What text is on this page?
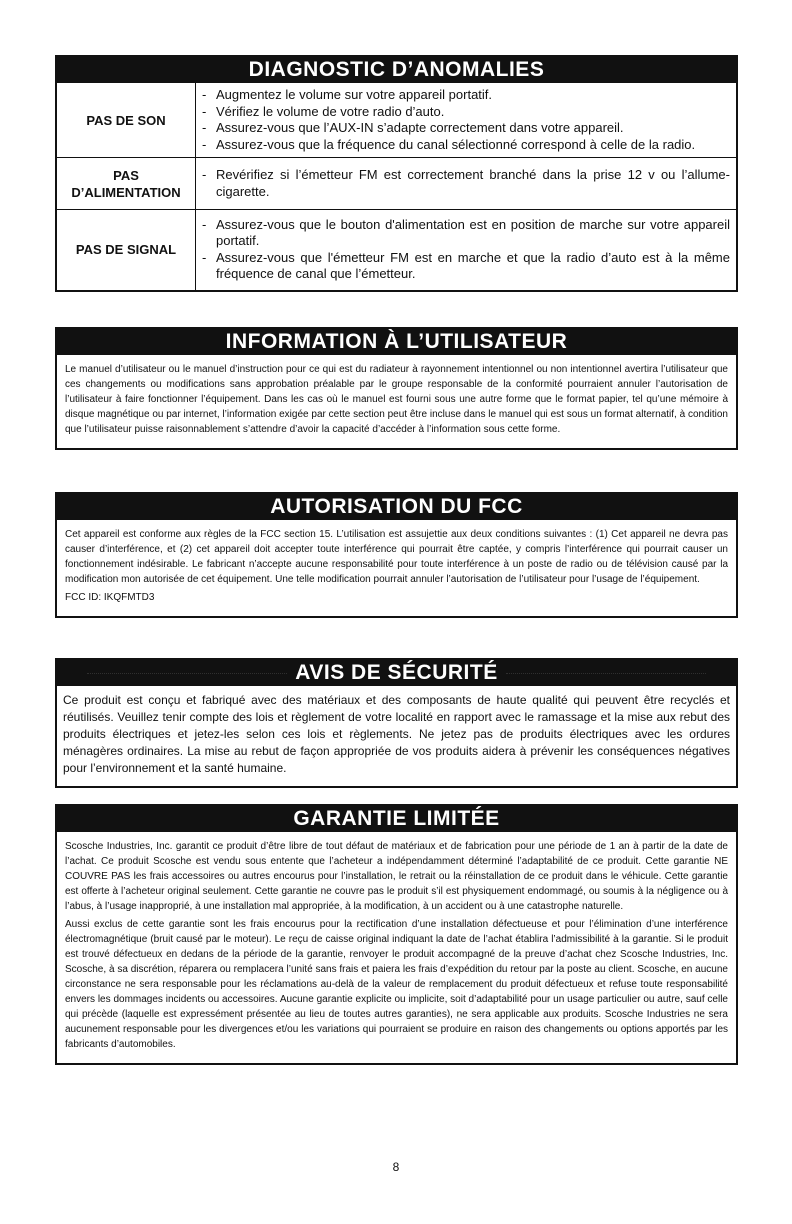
DIAGNOSTIC D’ANOMALIES
PAS DE SON	- Augmentez le volume sur votre appareil portatif.
- Vérifiez le volume de votre radio d’auto.
- Assurez-vous que l’AUX-IN s’adapte correctement dans votre appareil.
- Assurez-vous que la fréquence du canal sélectionné correspond à celle de la radio.

PAS
D’ALIMENTATION	- Revérifiez si l’émetteur FM est correctement branché dans la prise 12 v ou l’allume-cigarette.

PAS DE SIGNAL	- Assurez-vous que le bouton d'alimentation est en position de marche sur votre appareil portatif.
- Assurez-vous que l'émetteur FM est en marche et que la radio d’auto est à la même fréquence de canal que l’émetteur.
INFORMATION À L’UTILISATEUR

Le manuel d’utilisateur ou le manuel d’instruction pour ce qui est du radiateur à rayonnement intentionnel ou non intentionnel avertira l’utilisateur que ces changements ou modifications sans approbation préalable par le groupe responsable de la conformité pourraient annuler l’autorisation de l’utilisateur à faire fonctionner l’équipement. Dans les cas où le manuel est fourni sous une autre forme que le format papier, tel qu’une mémoire à disque magnétique ou par internet, l’information exigée par cette section peut être incluse dans le manuel qui est sous un format alternatif, à condition que l’utilisateur puisse raisonnablement s’attendre d’avoir la capacité d’accéder à l’information sous cette forme.

AUTORISATION DU FCC

Cet appareil est conforme aux règles de la FCC section 15. L’utilisation est assujettie aux deux conditions suivantes : (1) Cet appareil ne devra pas causer d’interférence, et (2) cet appareil doit accepter toute interférence qui pourrait être captée, y compris l’interférence qui pourrait causer un fonctionnement indésirable. Le fabricant n’accepte aucune responsabilité pour toute interférence à un poste de radio ou de télévision causé par la modification mon autorisée de cet équipement. Une telle modification pourrait annuler l’autorisation de l’utilisateur pour l’usage de l’équipement.

FCC ID: IKQFMTD3

AVIS DE SÉCURITÉ

Ce produit est conçu et fabriqué avec des matériaux et des composants de haute qualité qui peuvent être recyclés et réutilisés. Veuillez tenir compte des lois et règlement de votre localité en rapport avec le ramassage et la mise aux rebut des produits électriques et jetez-les selon ces lois et règlements. Ne jetez pas de produits électriques avec les ordures ménagères ordinaires. La mise au rebut de façon appropriée de vos produits aidera à prévenir les conséquences négatives pour l’environnement et la santé humaine.

GARANTIE LIMITÉE

Scosche Industries, Inc. garantit ce produit d’être libre de tout défaut de matériaux et de fabrication pour une période de 1 an à partir de la date de l’achat. Ce produit Scosche est vendu sous entente que l’acheteur a indépendamment déterminé l’adaptabilité de ce produit. Cette garantie NE COUVRE PAS les frais accessoires ou autres encourus pour l’installation, le retrait ou la réinstallation de ce produit dans le véhicule. Cette garantie est offerte à l’acheteur original seulement. Cette garantie ne couvre pas le produit s’il est physiquement endommagé, ou soumis à la négligence ou à l’abus, à l’usage inapproprié, à une installation mal appropriée, à la modification, à un accident ou à une catastrophe naturelle.

Aussi exclus de cette garantie sont les frais encourus pour la rectification d’une installation défectueuse et pour l’élimination d’une interférence électromagnétique (bruit causé par le moteur). Le reçu de caisse original indiquant la date de l’achat établira l’admissibilité à la garantie. Si le produit est trouvé défectueux en dedans de la période de la garantie, renvoyer le produit accompagné de la preuve d’achat chez Scosche Industries, Inc. Scosche, à sa discrétion, réparera ou remplacera l’unité sans frais et paiera les frais d’expédition du retour par la poste au client. Scosche, en aucune circonstance ne sera responsable pour les réclamations au-delà de la valeur de remplacement du produit défectueux et refuse toute responsabilité envers les dommages incidents ou accessoires. Aucune garantie explicite ou implicite, soit d’adaptabilité pour un usage particulier ou autre, sauf celle qui précède (laquelle est expressément présentée au lieu de toutes autres garanties), ne sera applicable aux produits. Scosche Industries ne sera aucunement responsable pour les divergences et/ou les variations qui pourraient se produire en raison des changements ou options apportés par les fabricants d’automobiles.

8
